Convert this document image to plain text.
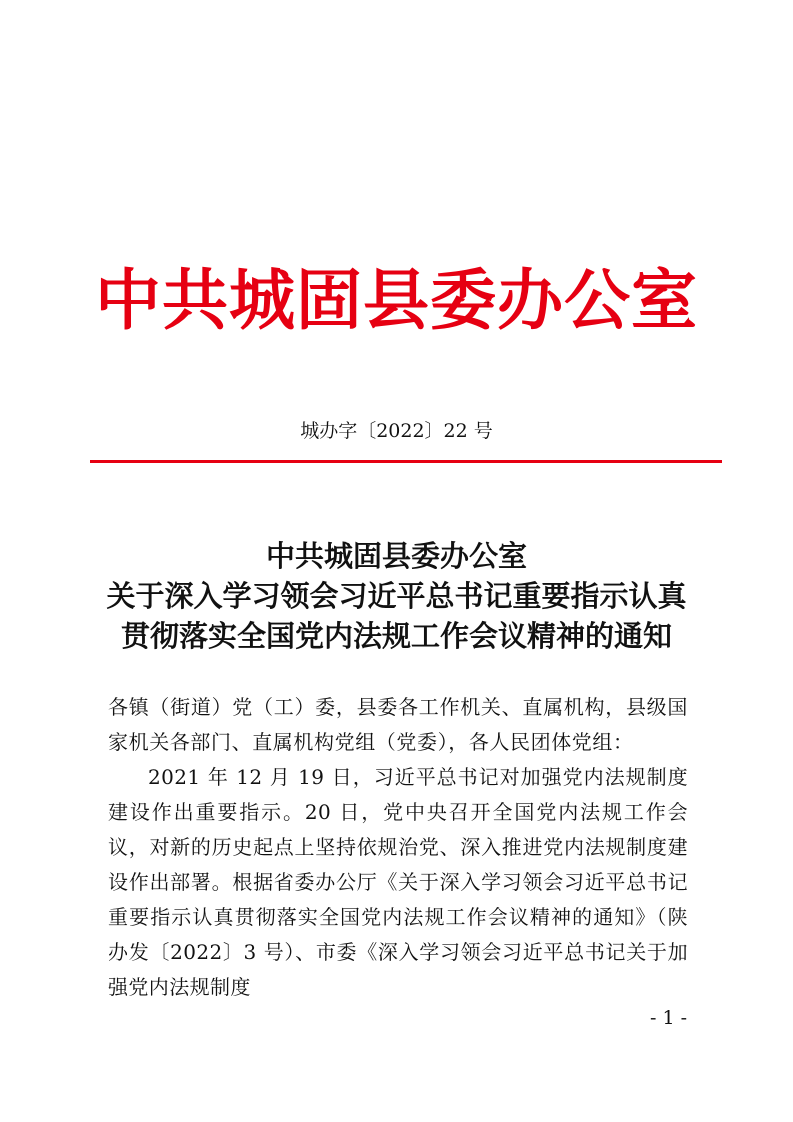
中共城固县委办公室
城办字〔2022〕22 号
中共城固县委办公室
关于深入学习领会习近平总书记重要指示认真
贯彻落实全国党内法规工作会议精神的通知

各镇（街道）党（工）委，县委各工作机关、直属机构，县级国家机关各部门、直属机构党组（党委），各人民团体党组：

2021 年 12 月 19 日，习近平总书记对加强党内法规制度建设作出重要指示。20 日，党中央召开全国党内法规工作会议，对新的历史起点上坚持依规治党、深入推进党内法规制度建设作出部署。根据省委办公厅《关于深入学习领会习近平总书记重要指示认真贯彻落实全国党内法规工作会议精神的通知》（陕办发〔2022〕3 号）、市委《深入学习领会习近平总书记关于加强党内法规制度

- 1 -
